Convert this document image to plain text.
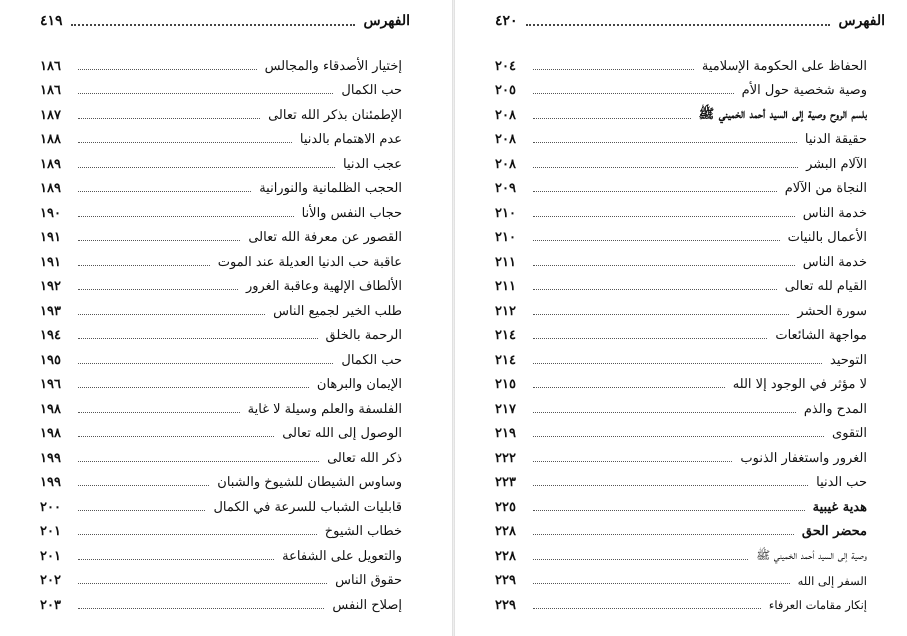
الفهرس
٤١٩
إختيار الأصدقاء والمجالس
١٨٦
حب الكمال
١٨٦
الإطمئنان بذكر الله تعالى
١٨٧
عدم الاهتمام بالدنيا
١٨٨
عجب الدنيا
١٨٩
الحجب الظلمانية والنورانية
١٨٩
حجاب النفس والأنا
١٩٠
القصور عن معرفة الله تعالى
١٩١
عاقبة حب الدنيا العديلة عند الموت
١٩١
الألطاف الإلهية وعاقبة الغرور
١٩٢
طلب الخير لجميع الناس
١٩٣
الرحمة بالخلق
١٩٤
حب الكمال
١٩٥
الإيمان والبرهان
١٩٦
الفلسفة والعلم وسيلة لا غاية
١٩٨
الوصول إلى الله تعالى
١٩٨
ذكر الله تعالى
١٩٩
وساوس الشيطان للشيوخ والشبان
١٩٩
قابليات الشباب للسرعة في الكمال
٢٠٠
خطاب الشيوخ
٢٠١
والتعويل على الشفاعة
٢٠١
حقوق الناس
٢٠٢
إصلاح النفس
٢٠٣
الفهرس
٤٢٠
الحفاظ على الحكومة الإسلامية
٢٠٤
وصية شخصية حول الأم
٢٠٥
بلسم الروح وصية إلى السيد أحمد الخميني ﷺ
٢٠٨
حقيقة الدنيا
٢٠٨
الآلام البشر
٢٠٨
النجاة من الآلام
٢٠٩
خدمة الناس
٢١٠
الأعمال بالنيات
٢١٠
خدمة الناس
٢١١
القيام لله تعالى
٢١١
سورة الحشر
٢١٢
مواجهة الشائعات
٢١٤
التوحيد
٢١٤
لا مؤثر في الوجود إلا الله
٢١٥
المدح والذم
٢١٧
التقوى
٢١٩
الغرور واستغفار الذنوب
٢٢٢
حب الدنيا
٢٢٣
هدية غيبية
٢٢٥
محضر الحق
٢٢٨
وصية إلى السيد أحمد الخميني ﷺ
٢٢٨
السفر إلى الله
٢٢٩
إنكار مقامات العرفاء
٢٢٩
